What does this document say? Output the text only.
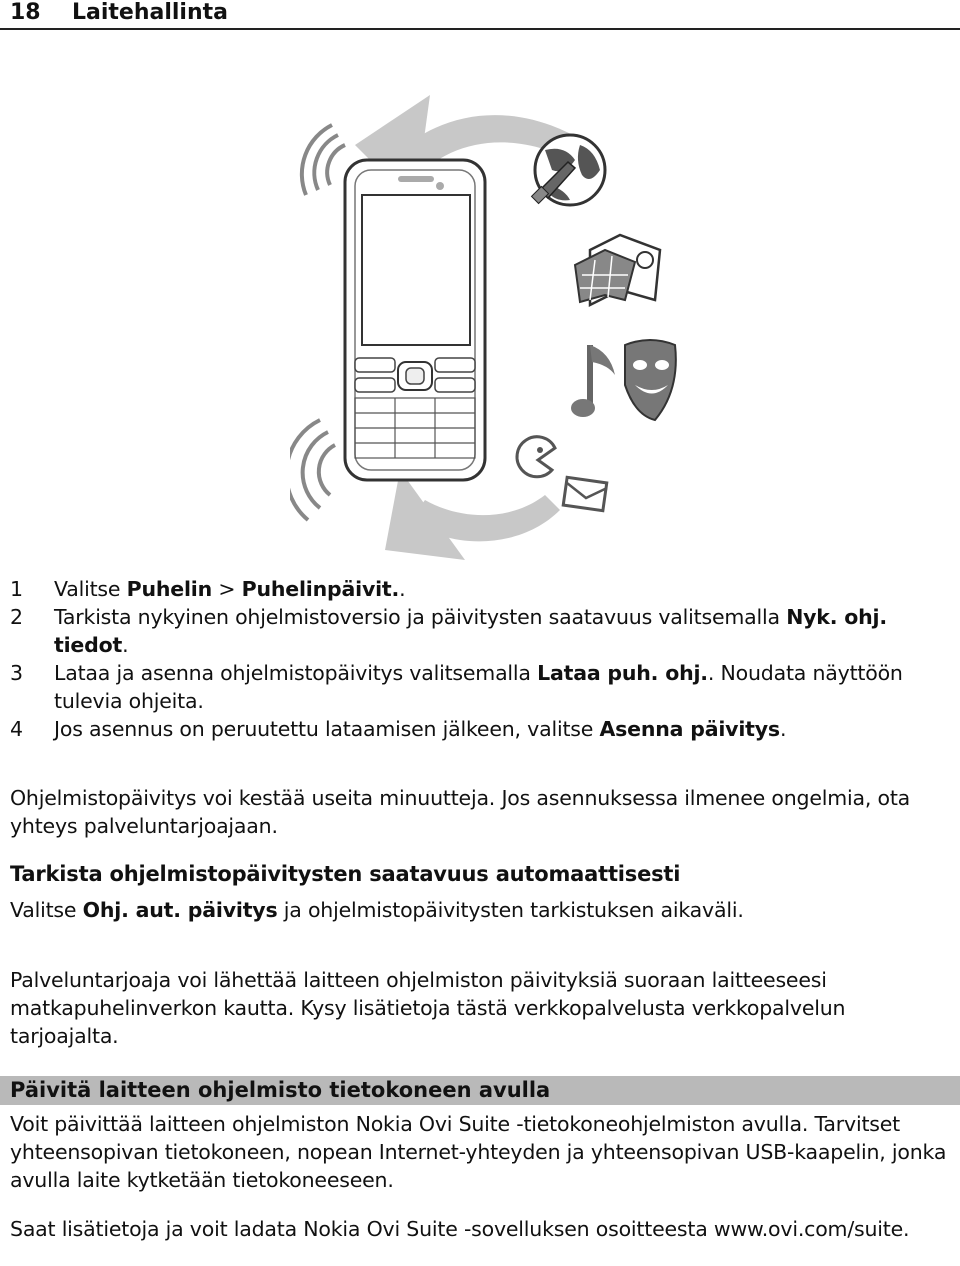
18 Laitehallinta
1 Valitse Puhelin > Puhelinpäivit..
2 Tarkista nykyinen ohjelmistoversio ja päivitysten saatavuus valitsemalla Nyk. ohj. tiedot.
3 Lataa ja asenna ohjelmistopäivitys valitsemalla Lataa puh. ohj.. Noudata näyttöön tulevia ohjeita.
4 Jos asennus on peruutettu lataamisen jälkeen, valitse Asenna päivitys.
Ohjelmistopäivitys voi kestää useita minuutteja. Jos asennuksessa ilmenee ongelmia, ota yhteys palveluntarjoajaan.
Tarkista ohjelmistopäivitysten saatavuus automaattisesti
Valitse Ohj. aut. päivitys ja ohjelmistopäivitysten tarkistuksen aikaväli.
Palveluntarjoaja voi lähettää laitteen ohjelmiston päivityksiä suoraan laitteeseesi matkapuhelinverkon kautta. Kysy lisätietoja tästä verkkopalvelusta verkkopalvelun tarjoajalta.
Päivitä laitteen ohjelmisto tietokoneen avulla
Voit päivittää laitteen ohjelmiston Nokia Ovi Suite -tietokoneohjelmiston avulla. Tarvitset yhteensopivan tietokoneen, nopean Internet-yhteyden ja yhteensopivan USB-kaapelin, jonka avulla laite kytketään tietokoneeseen.
Saat lisätietoja ja voit ladata Nokia Ovi Suite -sovelluksen osoitteesta www.ovi.com/suite.
